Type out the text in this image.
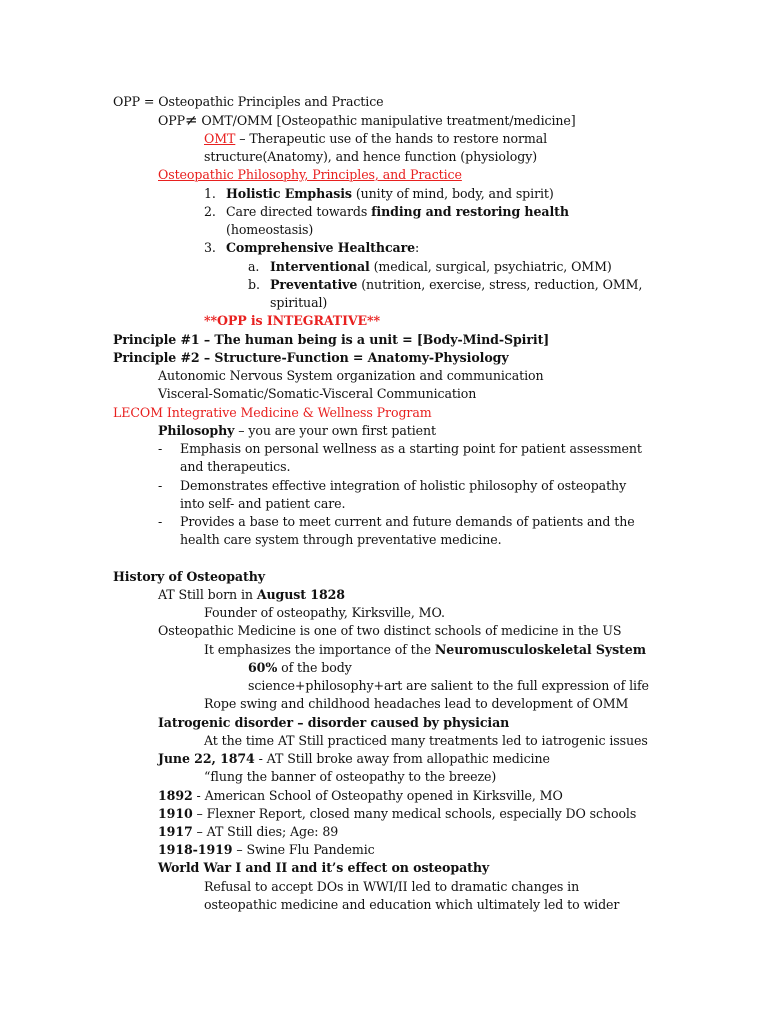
OPP = Osteopathic Principles and Practice
OPP≠ OMT/OMM [Osteopathic manipulative treatment/medicine]
OMT – Therapeutic use of the hands to restore normal
structure(Anatomy), and hence function (physiology)
Osteopathic Philosophy, Principles, and Practice
1. Holistic Emphasis (unity of mind, body, and spirit)
2. Care directed towards finding and restoring health
(homeostasis)
3. Comprehensive Healthcare:
a. Interventional (medical, surgical, psychiatric, OMM)
b. Preventative (nutrition, exercise, stress, reduction, OMM,
spiritual)
**OPP is INTEGRATIVE**
Principle #1 – The human being is a unit = [Body-Mind-Spirit]
Principle #2 – Structure-Function = Anatomy-Physiology
Autonomic Nervous System organization and communication
Visceral-Somatic/Somatic-Visceral Communication
LECOM Integrative Medicine & Wellness Program
Philosophy – you are your own first patient
-	Emphasis on personal wellness as a starting point for patient assessment
and therapeutics.
-	Demonstrates effective integration of holistic philosophy of osteopathy
into self- and patient care.
-	Provides a base to meet current and future demands of patients and the
health care system through preventative medicine.
History of Osteopathy
AT Still born in August 1828
Founder of osteopathy, Kirksville, MO.
Osteopathic Medicine is one of two distinct schools of medicine in the US
It emphasizes the importance of the Neuromusculoskeletal System
60% of the body
science+philosophy+art are salient to the full expression of life
Rope swing and childhood headaches lead to development of OMM
Iatrogenic disorder – disorder caused by physician
At the time AT Still practiced many treatments led to iatrogenic issues
June 22, 1874 - AT Still broke away from allopathic medicine
“flung the banner of osteopathy to the breeze)
1892 - American School of Osteopathy opened in Kirksville, MO
1910 – Flexner Report, closed many medical schools, especially DO schools
1917 – AT Still dies; Age: 89
1918-1919 – Swine Flu Pandemic
World War I and II and it’s effect on osteopathy
Refusal to accept DOs in WWI/II led to dramatic changes in
osteopathic medicine and education which ultimately led to wider
